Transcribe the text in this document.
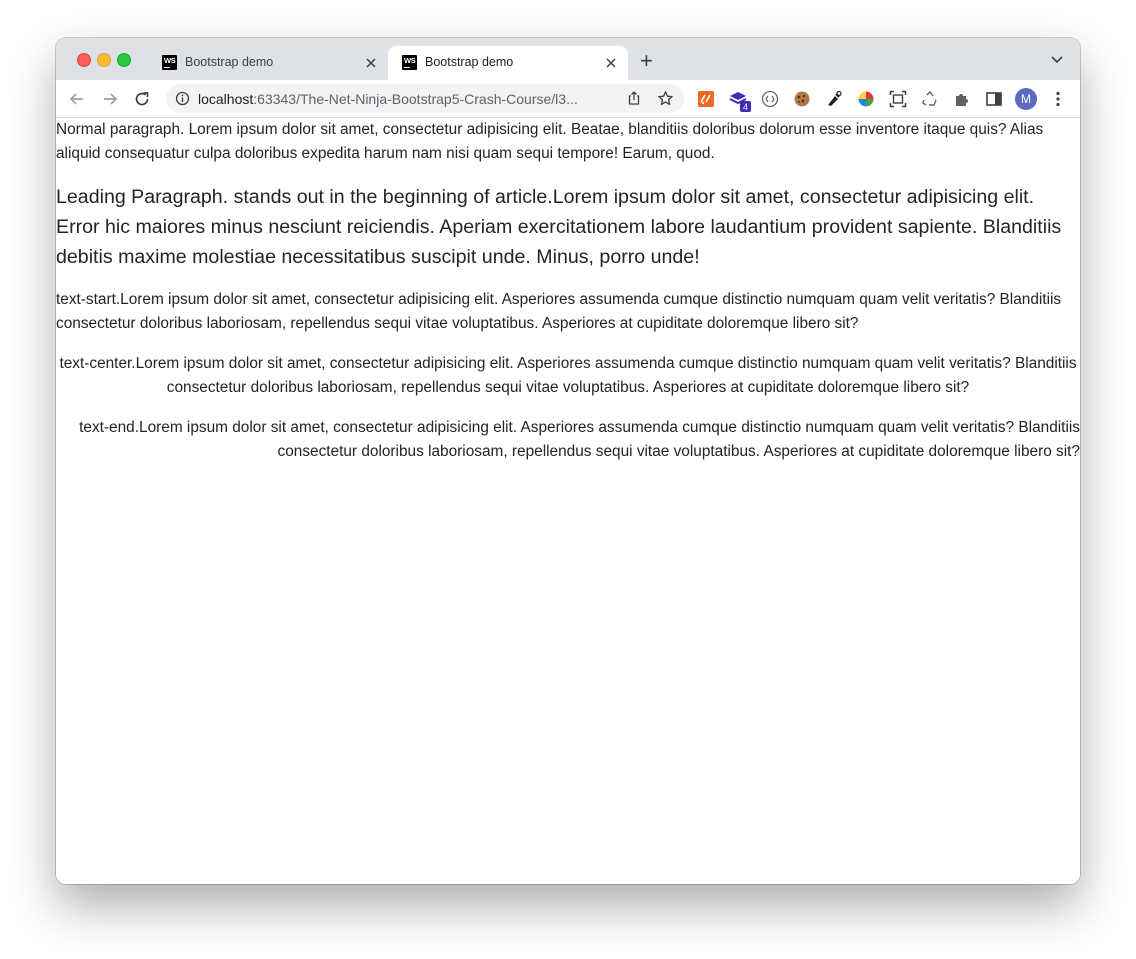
WS Bootstrap demo	WS Bootstrap demo	+
localhost:63343/The-Net-Ninja-Bootstrap5-Crash-Course/l3...	4
M

Normal paragraph. Lorem ipsum dolor sit amet, consectetur adipisicing elit. Beatae, blanditiis doloribus dolorum esse inventore itaque quis? Alias aliquid consequatur culpa doloribus expedita harum nam nisi quam sequi tempore! Earum, quod.

Leading Paragraph. stands out in the beginning of article.Lorem ipsum dolor sit amet, consectetur adipisicing elit. Error hic maiores minus nesciunt reiciendis. Aperiam exercitationem labore laudantium provident sapiente. Blanditiis debitis maxime molestiae necessitatibus suscipit unde. Minus, porro unde!

text-start.Lorem ipsum dolor sit amet, consectetur adipisicing elit. Asperiores assumenda cumque distinctio numquam quam velit veritatis? Blanditiis consectetur doloribus laboriosam, repellendus sequi vitae voluptatibus. Asperiores at cupiditate doloremque libero sit?

text-center.Lorem ipsum dolor sit amet, consectetur adipisicing elit. Asperiores assumenda cumque distinctio numquam quam velit veritatis? Blanditiis consectetur doloribus laboriosam, repellendus sequi vitae voluptatibus. Asperiores at cupiditate doloremque libero sit?

text-end.Lorem ipsum dolor sit amet, consectetur adipisicing elit. Asperiores assumenda cumque distinctio numquam quam velit veritatis? Blanditiis consectetur doloribus laboriosam, repellendus sequi vitae voluptatibus. Asperiores at cupiditate doloremque libero sit?
